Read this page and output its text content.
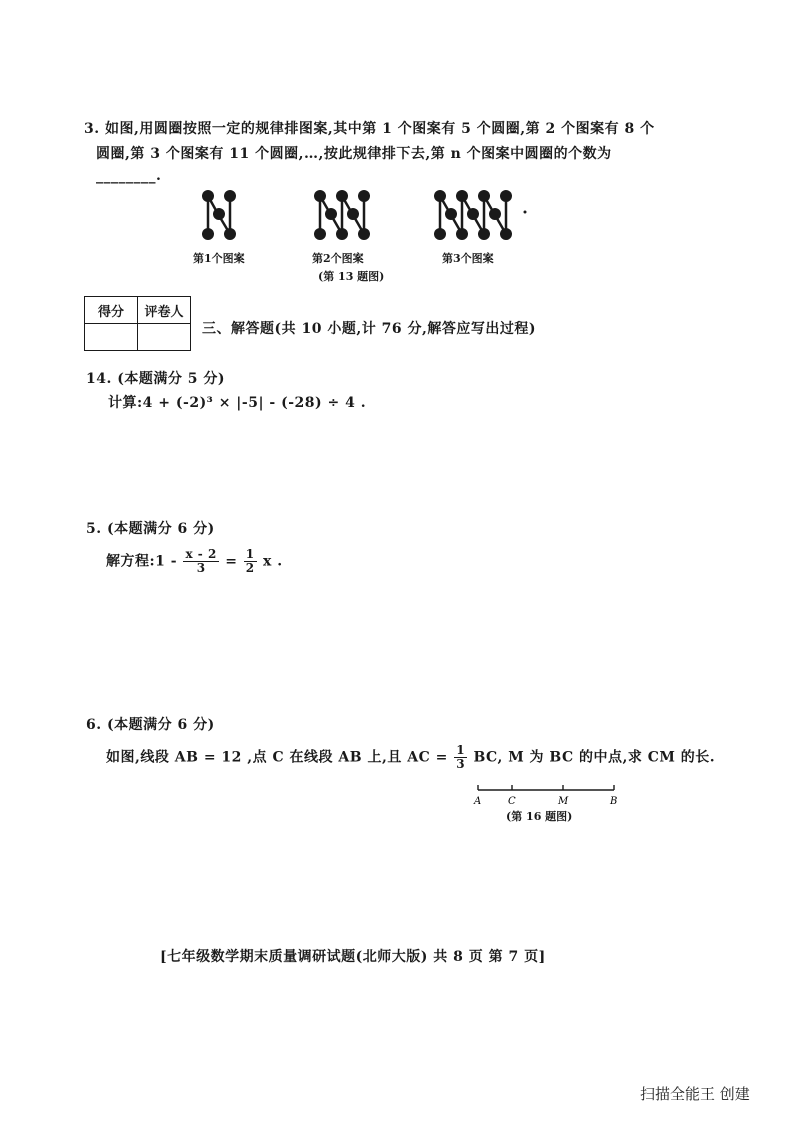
3. 如图,用圆圈按照一定的规律排图案,其中第 1 个图案有 5 个圆圈,第 2 个图案有 8 个
圆圈,第 3 个图案有 11 个圆圈,…,按此规律排下去,第 n 个图案中圆圈的个数为
________.
第1个图案	第2个图案	第3个图案
(第 13 题图)
得分	评卷人

三、解答题(共 10 小题,计 76 分,解答应写出过程)
14. (本题满分 5 分)
计算:4 + (-2)³ × |-5| - (-28) ÷ 4 .
5. (本题满分 6 分)
解方程:1 - $\frac{x - 2}{3} = \frac{1}{2}$ x .
6. (本题满分 6 分)
如图,线段 AB = 12 ,点 C 在线段 AB 上,且 AC = $\frac{1}{3}$ BC, M 为 BC 的中点,求 CM 的长.
A	C	M	B
(第 16 题图)
[七年级数学期末质量调研试题(北师大版) 共 8 页 第 7 页]
扫描全能王 创建
